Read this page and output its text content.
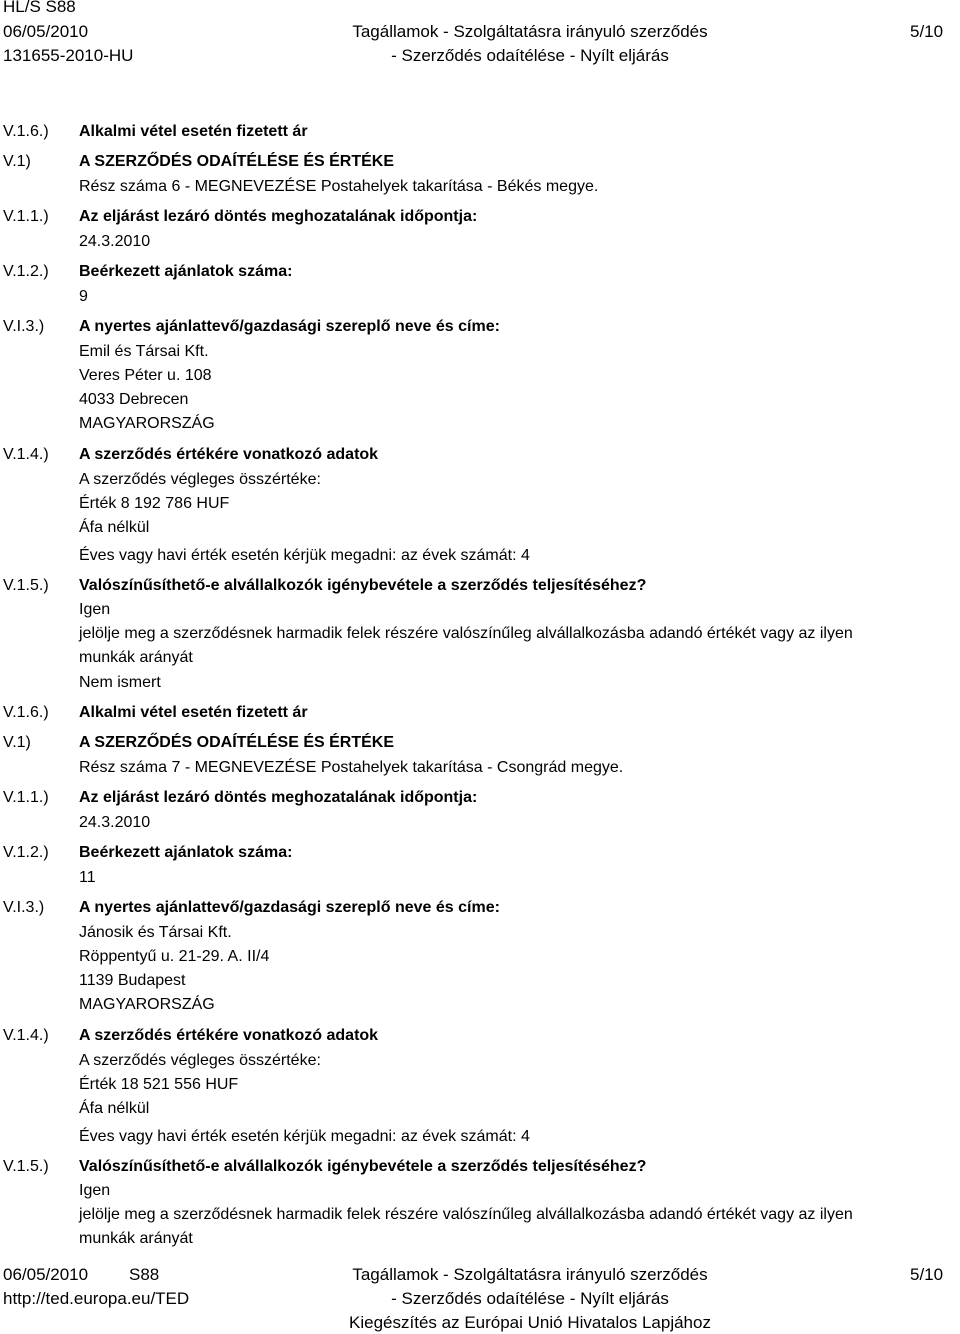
HL/S S88
06/05/2010
131655-2010-HU
Tagállamok - Szolgáltatásra irányuló szerződés
- Szerződés odaítélése - Nyílt eljárás
5/10
V.1.6.) Alkalmi vétel esetén fizetett ár
V.1)	A SZERZŐDÉS ODAÍTÉLÉSE ÉS ÉRTÉKE
Rész száma 6 - MEGNEVEZÉSE Postahelyek takarítása - Békés megye.
V.1.1.) Az eljárást lezáró döntés meghozatalának időpontja:
24.3.2010
V.1.2.) Beérkezett ajánlatok száma:
9
V.I.3.) A nyertes ajánlattevő/gazdasági szereplő neve és címe:
Emil és Társai Kft.
Veres Péter u. 108
4033 Debrecen
MAGYARORSZÁG
V.1.4.) A szerződés értékére vonatkozó adatok
A szerződés végleges összértéke:
Érték 8 192 786 HUF
Áfa nélkül
Éves vagy havi érték esetén kérjük megadni: az évek számát: 4
V.1.5.) Valószínűsíthető-e alvállalkozók igénybevétele a szerződés teljesítéséhez?
Igen
jelölje meg a szerződésnek harmadik felek részére valószínűleg alvállalkozásba adandó értékét vagy az ilyen
munkák arányát
Nem ismert
V.1.6.) Alkalmi vétel esetén fizetett ár
V.1)	A SZERZŐDÉS ODAÍTÉLÉSE ÉS ÉRTÉKE
Rész száma 7 - MEGNEVEZÉSE Postahelyek takarítása - Csongrád megye.
V.1.1.) Az eljárást lezáró döntés meghozatalának időpontja:
24.3.2010
V.1.2.) Beérkezett ajánlatok száma:
11
V.I.3.) A nyertes ajánlattevő/gazdasági szereplő neve és címe:
Jánosik és Társai Kft.
Röppentyű u. 21-29. A. II/4
1139 Budapest
MAGYARORSZÁG
V.1.4.) A szerződés értékére vonatkozó adatok
A szerződés végleges összértéke:
Érték 18 521 556 HUF
Áfa nélkül
Éves vagy havi érték esetén kérjük megadni: az évek számát: 4
V.1.5.) Valószínűsíthető-e alvállalkozók igénybevétele a szerződés teljesítéséhez?
Igen
jelölje meg a szerződésnek harmadik felek részére valószínűleg alvállalkozásba adandó értékét vagy az ilyen
munkák arányát
06/05/2010 S88
http://ted.europa.eu/TED
Tagállamok - Szolgáltatásra irányuló szerződés
- Szerződés odaítélése - Nyílt eljárás
Kiegészítés az Európai Unió Hivatalos Lapjához
5/10
